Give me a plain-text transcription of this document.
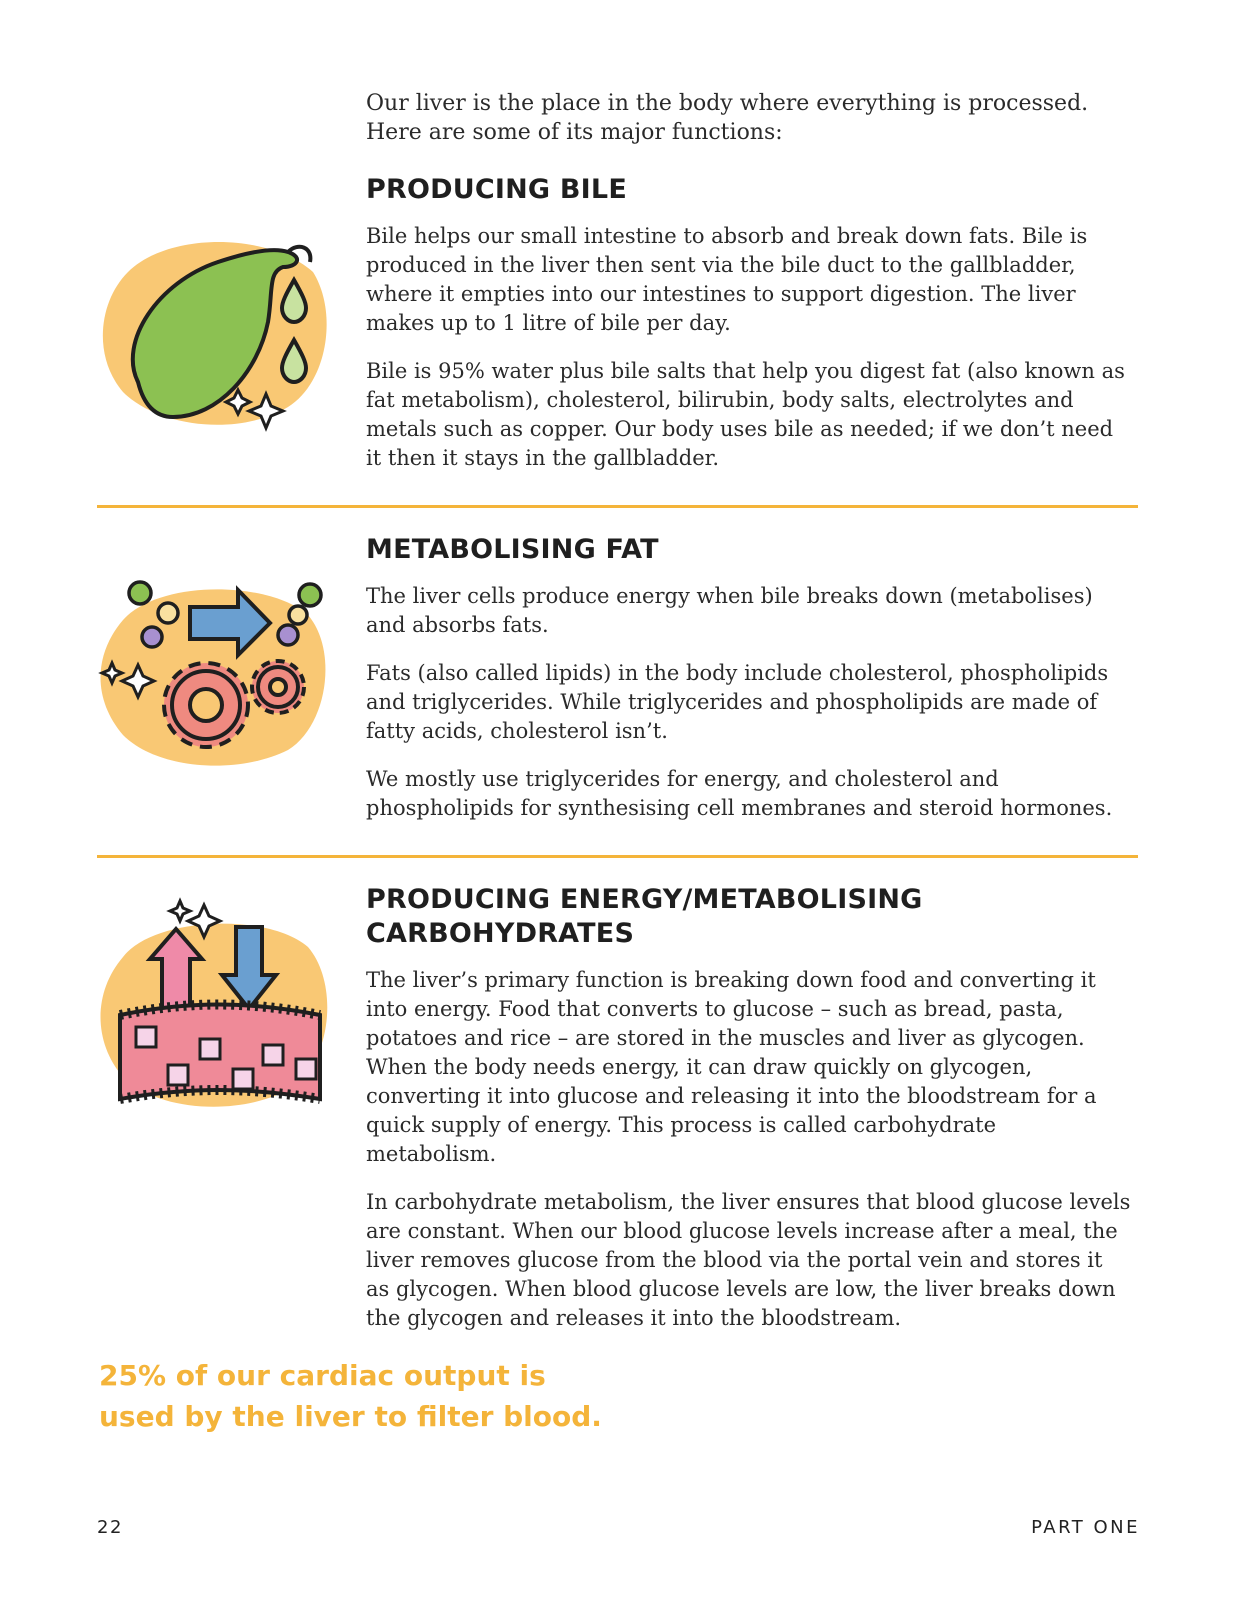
Our liver is the place in the body where everything is processed. Here are some of its major functions:

PRODUCING BILE

Bile helps our small intestine to absorb and break down fats. Bile is produced in the liver then sent via the bile duct to the gallbladder, where it empties into our intestines to support digestion. The liver makes up to 1 litre of bile per day.

Bile is 95% water plus bile salts that help you digest fat (also known as fat metabolism), cholesterol, bilirubin, body salts, electrolytes and metals such as copper. Our body uses bile as needed; if we don’t need it then it stays in the gallbladder.

METABOLISING FAT

The liver cells produce energy when bile breaks down (metabolises) and absorbs fats.

Fats (also called lipids) in the body include cholesterol, phospholipids and triglycerides. While triglycerides and phospholipids are made of fatty acids, cholesterol isn’t.

We mostly use triglycerides for energy, and cholesterol and phospholipids for synthesising cell membranes and steroid hormones.

PRODUCING ENERGY/METABOLISING CARBOHYDRATES

The liver’s primary function is breaking down food and converting it into energy. Food that converts to glucose – such as bread, pasta, potatoes and rice – are stored in the muscles and liver as glycogen. When the body needs energy, it can draw quickly on glycogen, converting it into glucose and releasing it into the bloodstream for a quick supply of energy. This process is called carbohydrate metabolism.

In carbohydrate metabolism, the liver ensures that blood glucose levels are constant. When our blood glucose levels increase after a meal, the liver removes glucose from the blood via the portal vein and stores it as glycogen. When blood glucose levels are low, the liver breaks down the glycogen and releases it into the bloodstream.

25% of our cardiac output is used by the liver to filter blood.
22	PART ONE
